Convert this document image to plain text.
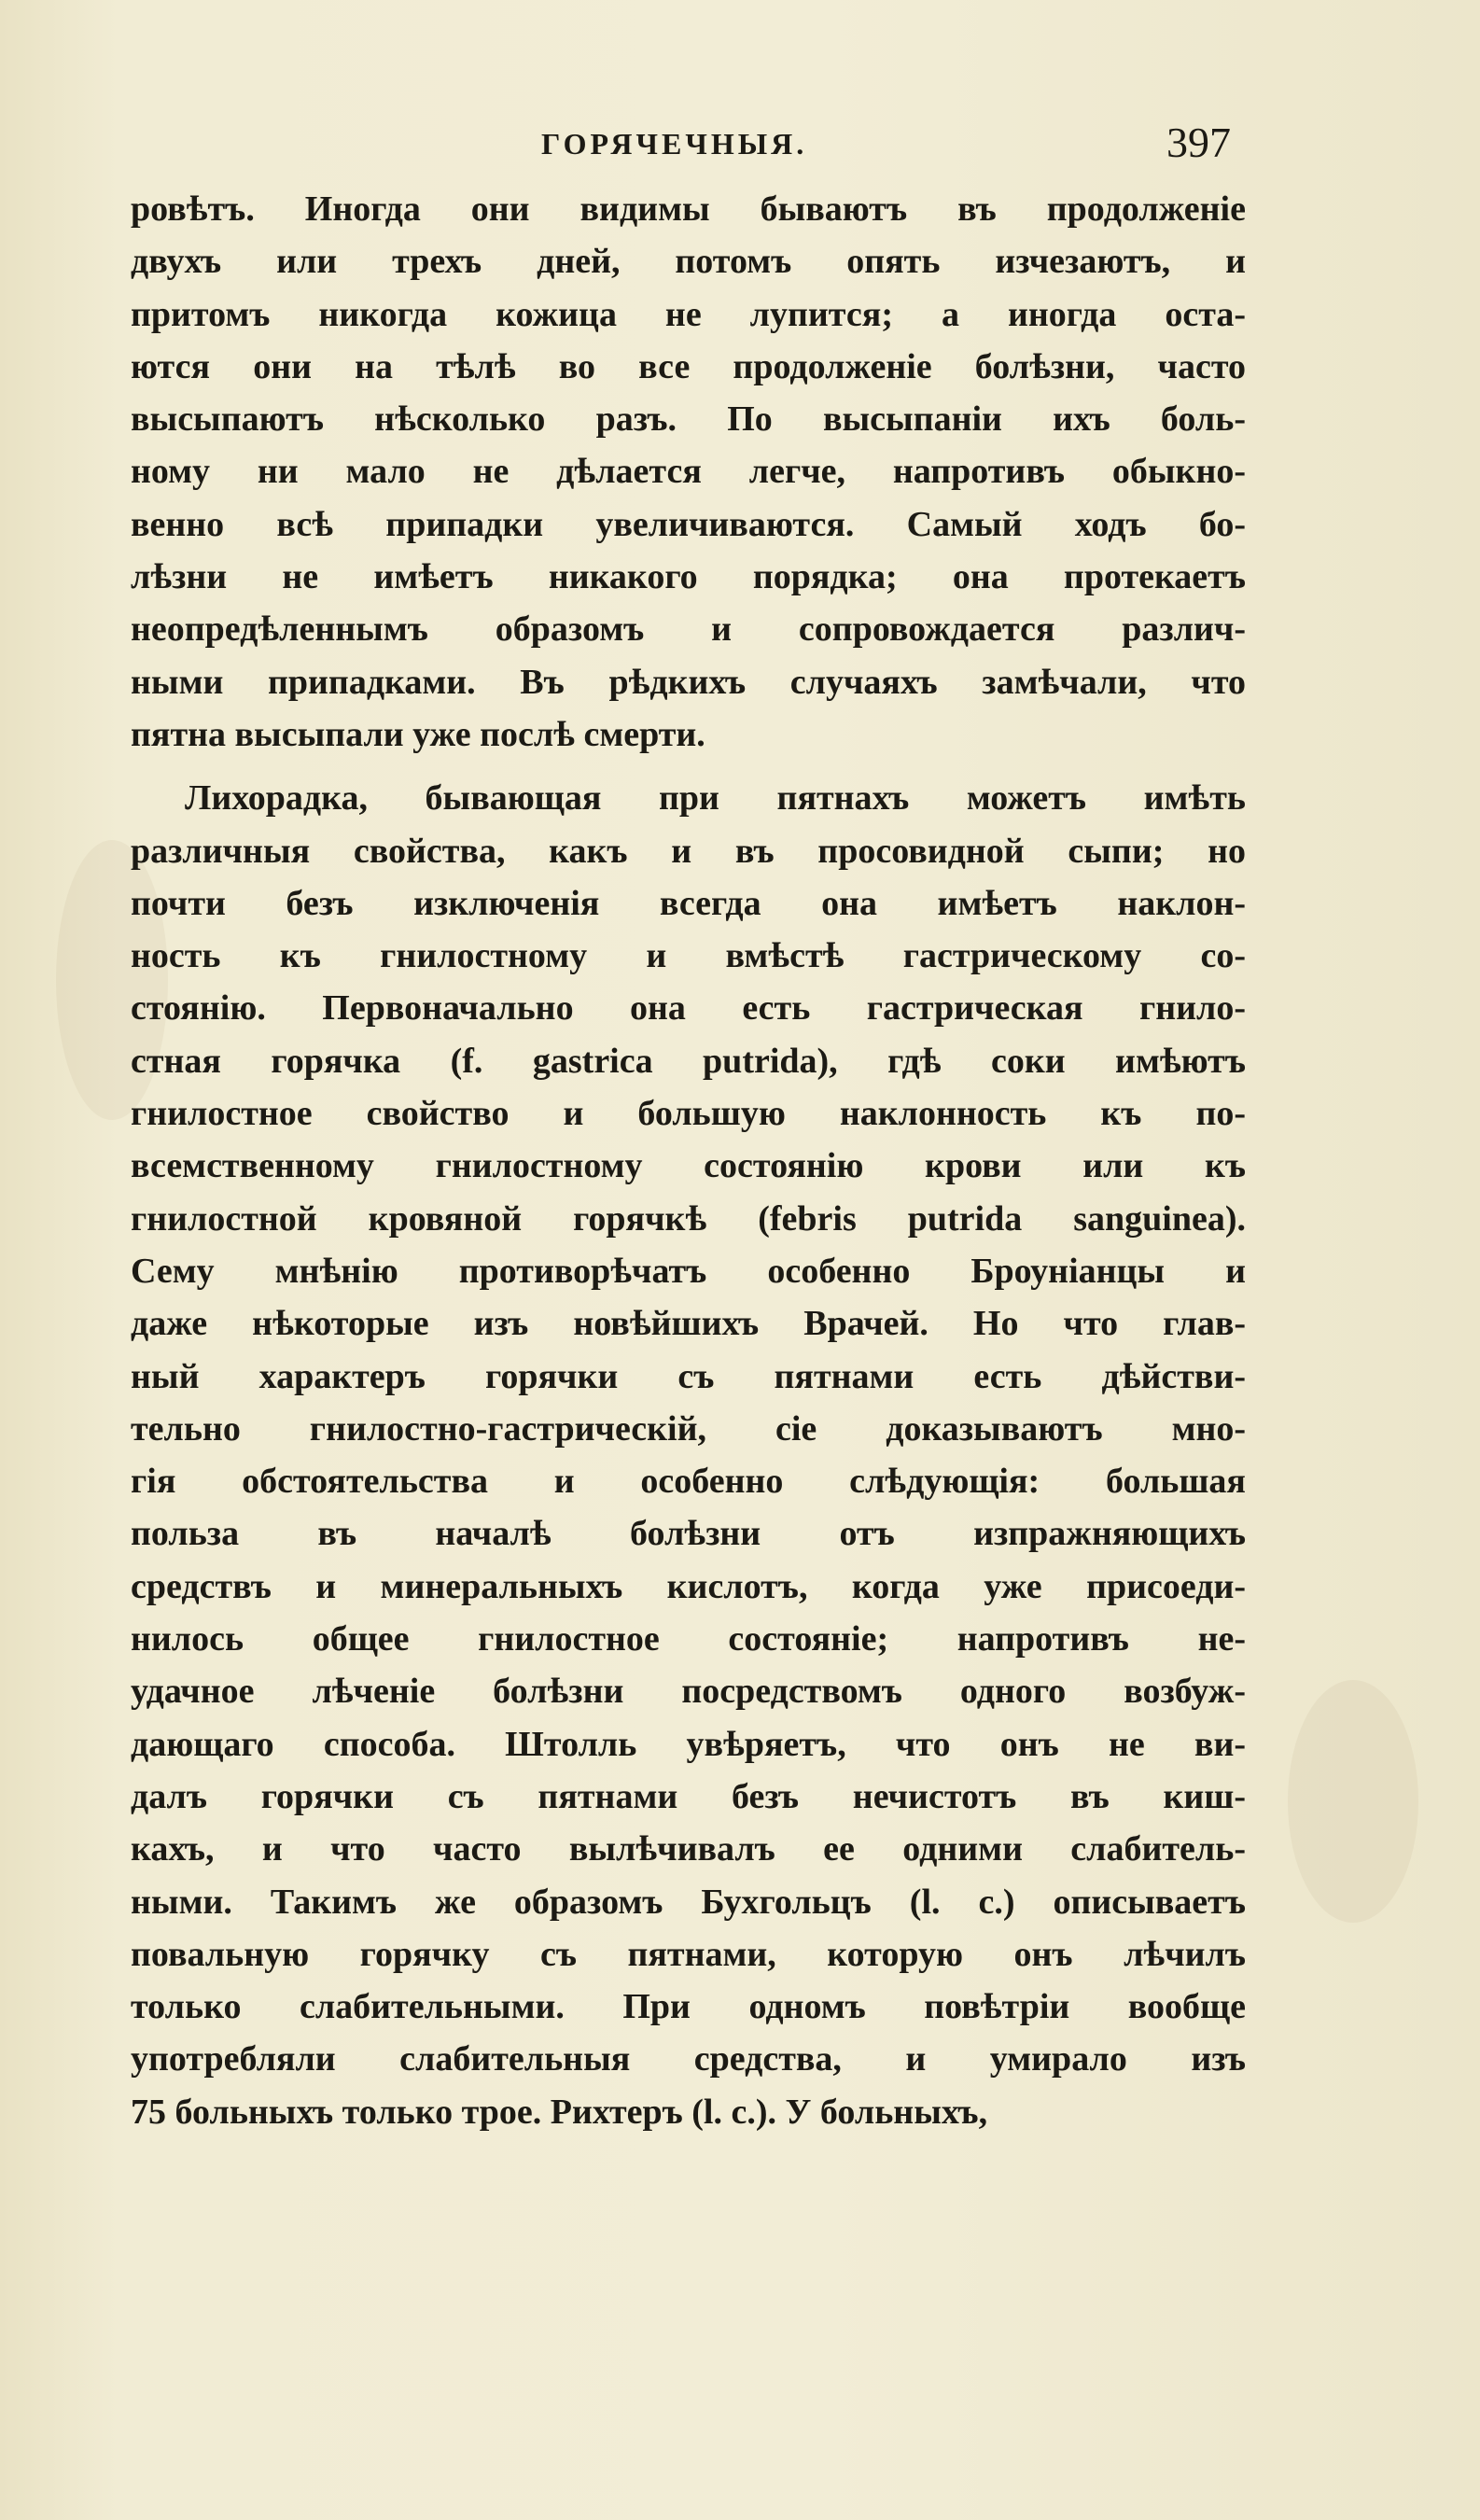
ГОРЯЧЕЧНЫЯ.	397
ровѣтъ. Иногда они видимы бываютъ въ продолженіе
двухъ или трехъ дней, потомъ опять изчезаютъ, и
притомъ никогда кожица не лупится; а иногда оста-
ются они на тѣлѣ во все продолженіе болѣзни, часто
высыпаютъ нѣсколько разъ. По высыпаніи ихъ боль-
ному ни мало не дѣлается легче, напротивъ обыкно-
венно всѣ припадки увеличиваются. Самый ходъ бо-
лѣзни не имѣетъ никакого порядка; она протекаетъ
неопредѣленнымъ образомъ и сопровождается различ-
ными припадками. Въ рѣдкихъ случаяхъ замѣчали, что
пятна высыпали уже послѣ смерти.
Лихорадка, бывающая при пятнахъ можетъ имѣть
различныя свойства, какъ и въ просовидной сыпи; но
почти безъ изключенія всегда она имѣетъ наклон-
ность къ гнилостному и вмѣстѣ гастрическому со-
стоянію. Первоначально она есть гастрическая гнило-
стная горячка (f. gastrica putrida), гдѣ соки имѣютъ
гнилостное свойство и большую наклонность къ по-
всемственному гнилостному состоянію крови или къ
гнилостной кровяной горячкѣ (febris putrida sanguinea).
Сему мнѣнію противорѣчатъ особенно Броуніанцы и
даже нѣкоторые изъ новѣйшихъ Врачей. Но что глав-
ный характеръ горячки съ пятнами есть дѣйстви-
тельно гнилостно-гастрическій, сіе доказываютъ мно-
гія обстоятельства и особенно слѣдующія: большая
польза въ началѣ болѣзни отъ изпражняющихъ
средствъ и минеральныхъ кислотъ, когда уже присоеди-
нилось общее гнилостное состояніе; напротивъ не-
удачное лѣченіе болѣзни посредствомъ одного возбуж-
дающаго способа. Штолль увѣряетъ, что онъ не ви-
далъ горячки съ пятнами безъ нечистотъ въ киш-
кахъ, и что часто вылѣчивалъ ее одними слабитель-
ными. Такимъ же образомъ Бухгольцъ (l. c.) описываетъ
повальную горячку съ пятнами, которую онъ лѣчилъ
только слабительными. При одномъ повѣтріи вообще
употребляли слабительныя средства, и умирало изъ
75 больныхъ только трое. Рихтеръ (l. c.). У больныхъ,
